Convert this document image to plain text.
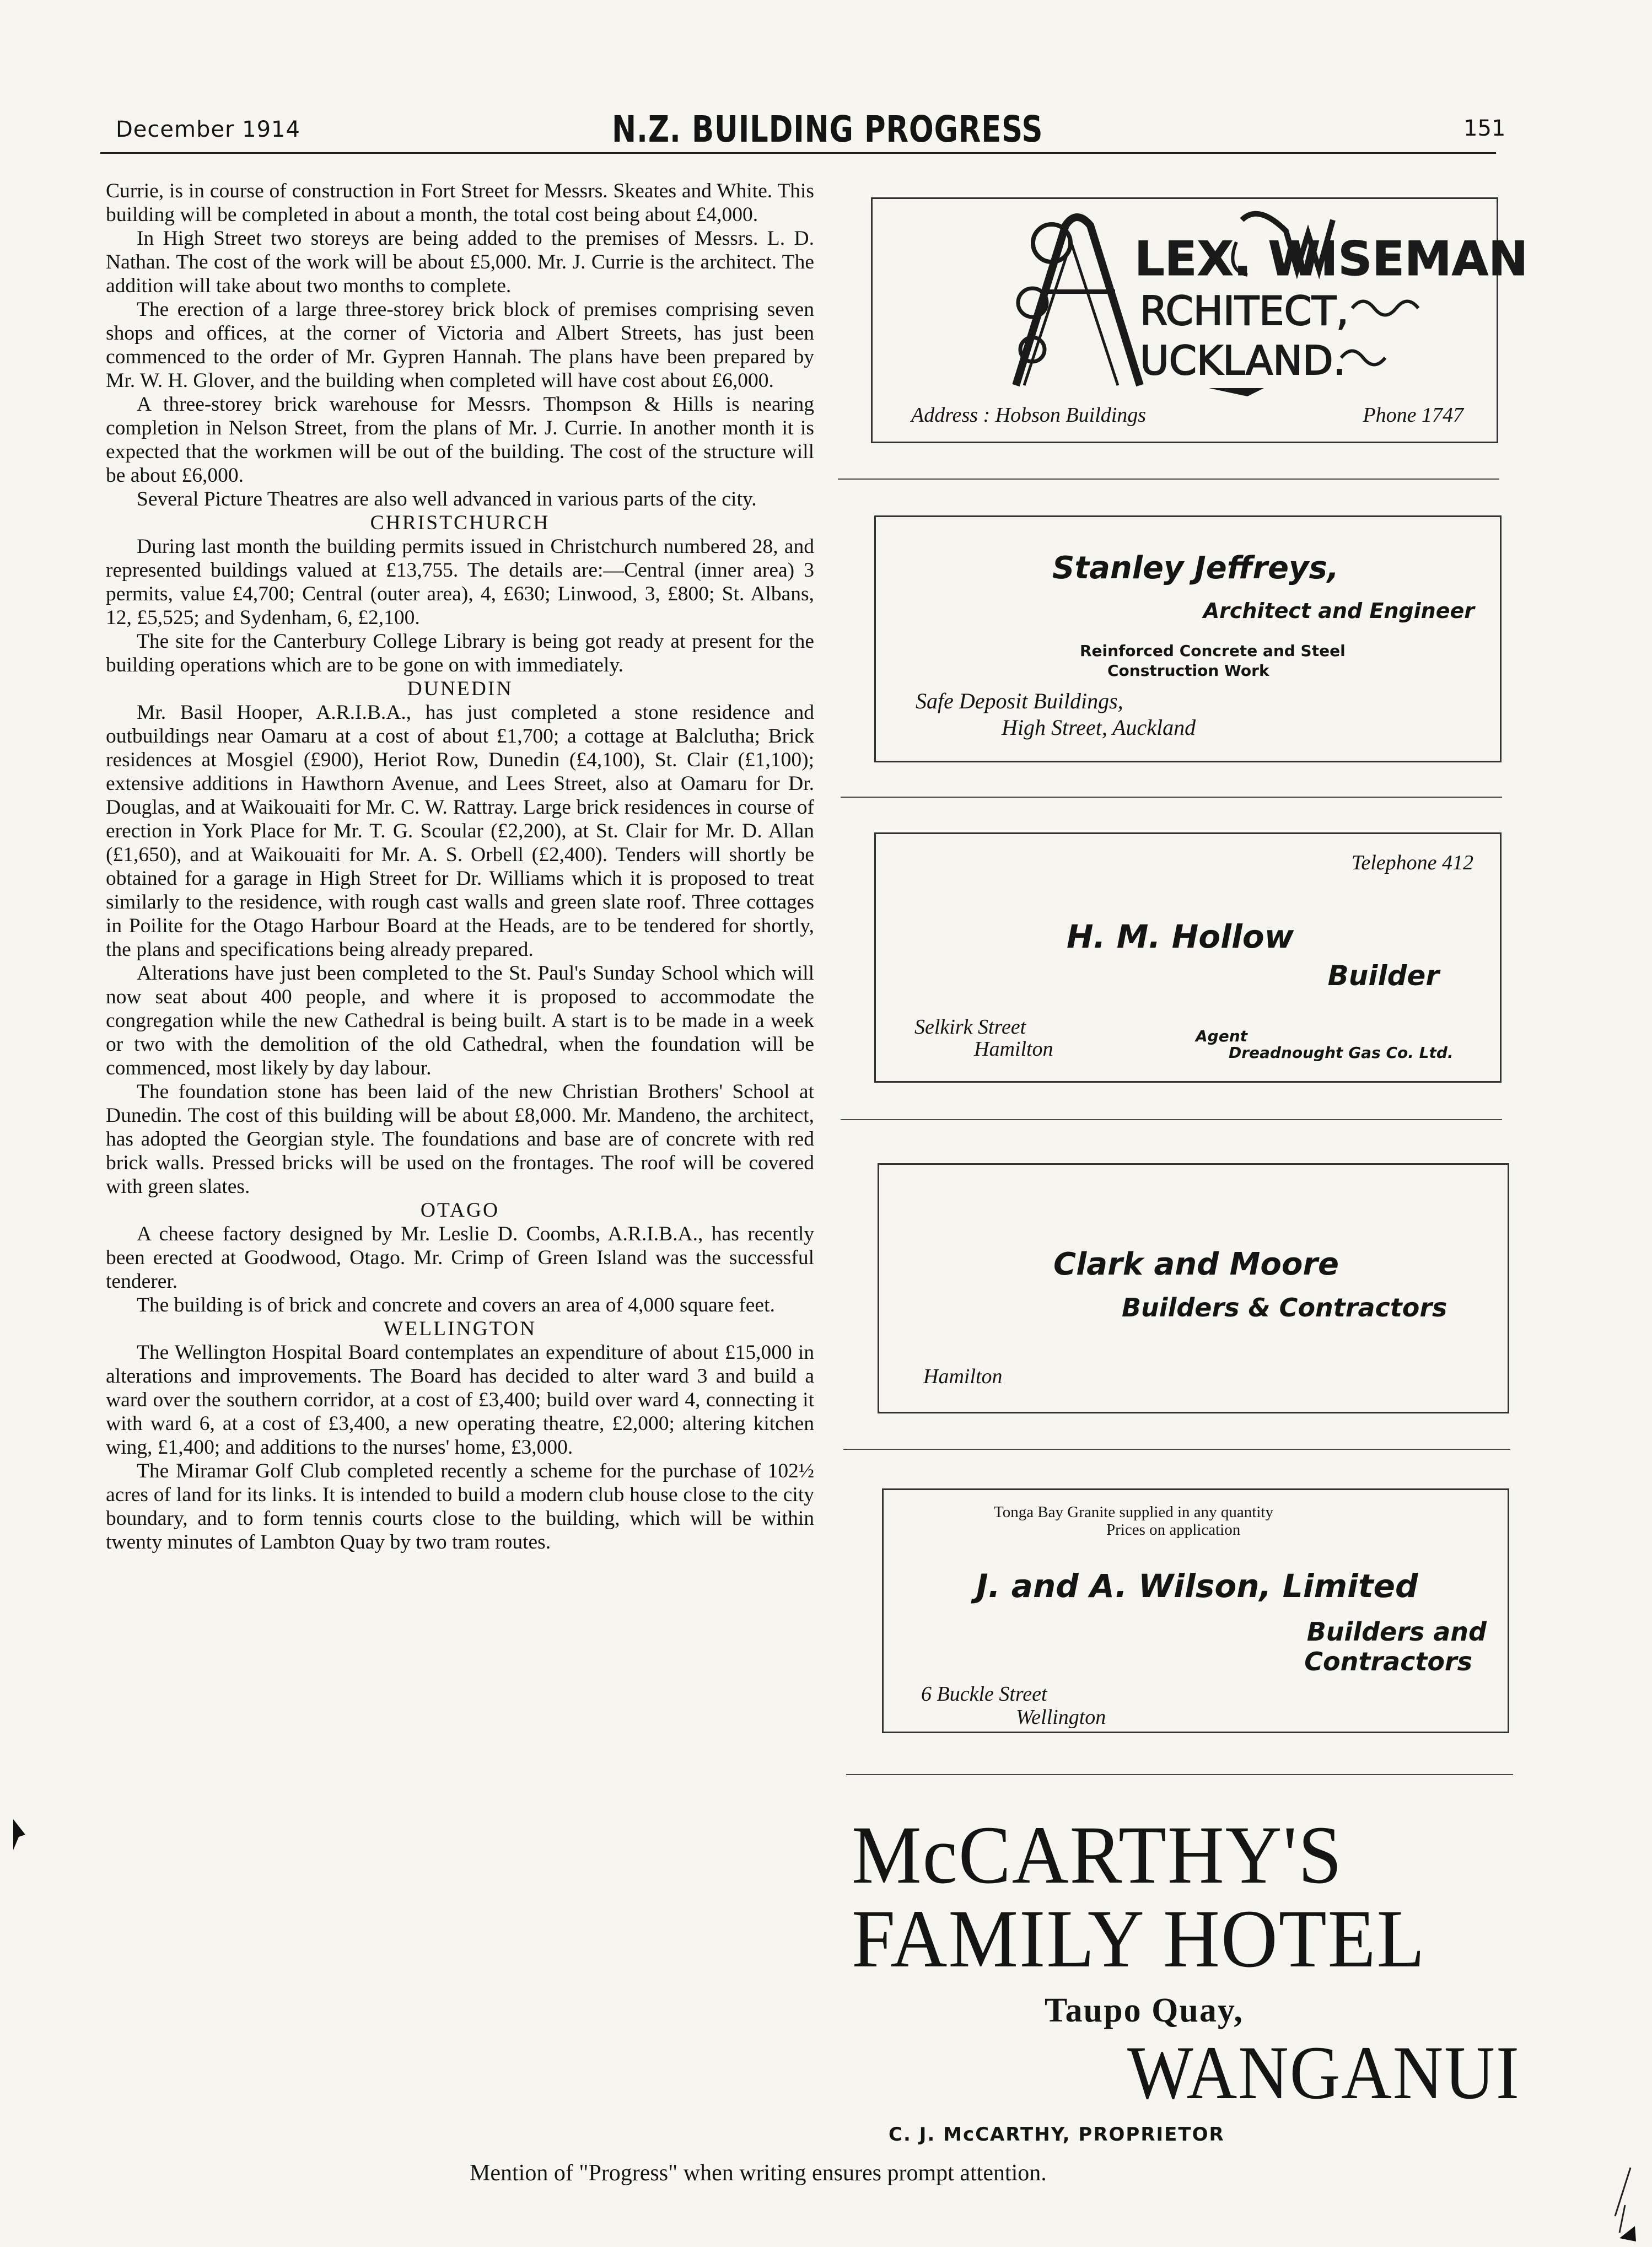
December 1914	N.Z. BUILDING PROGRESS	151

Currie, is in course of construction in Fort Street for Messrs. Skeates and White. This building will be completed in about a month, the total cost being about £4,000.

In High Street two storeys are being added to the premises of Messrs. L. D. Nathan. The cost of the work will be about £5,000. Mr. J. Currie is the architect. The addition will take about two months to complete.

The erection of a large three-storey brick block of premises comprising seven shops and offices, at the corner of Victoria and Albert Streets, has just been commenced to the order of Mr. Gypren Hannah. The plans have been prepared by Mr. W. H. Glover, and the building when completed will have cost about £6,000.

A three-storey brick warehouse for Messrs. Thompson & Hills is nearing completion in Nelson Street, from the plans of Mr. J. Currie. In another month it is expected that the workmen will be out of the building. The cost of the structure will be about £6,000.

Several Picture Theatres are also well advanced in various parts of the city.

CHRISTCHURCH

During last month the building permits issued in Christchurch numbered 28, and represented buildings valued at £13,755. The details are:—Central (inner area) 3 permits, value £4,700; Central (outer area), 4, £630; Linwood, 3, £800; St. Albans, 12, £5,525; and Sydenham, 6, £2,100.

The site for the Canterbury College Library is being got ready at present for the building operations which are to be gone on with immediately.

DUNEDIN

Mr. Basil Hooper, A.R.I.B.A., has just completed a stone residence and outbuildings near Oamaru at a cost of about £1,700; a cottage at Balclutha; Brick residences at Mosgiel (£900), Heriot Row, Dunedin (£4,100), St. Clair (£1,100); extensive additions in Hawthorn Avenue, and Lees Street, also at Oamaru for Dr. Douglas, and at Waikouaiti for Mr. C. W. Rattray. Large brick residences in course of erection in York Place for Mr. T. G. Scoular (£2,200), at St. Clair for Mr. D. Allan (£1,650), and at Waikouaiti for Mr. A. S. Orbell (£2,400). Tenders will shortly be obtained for a garage in High Street for Dr. Williams which it is proposed to treat similarly to the residence, with rough cast walls and green slate roof. Three cottages in Poilite for the Otago Harbour Board at the Heads, are to be tendered for shortly, the plans and specifications being already prepared.

Alterations have just been completed to the St. Paul's Sunday School which will now seat about 400 people, and where it is proposed to accommodate the congregation while the new Cathedral is being built. A start is to be made in a week or two with the demolition of the old Cathedral, when the foundation will be commenced, most likely by day labour.

The foundation stone has been laid of the new Christian Brothers' School at Dunedin. The cost of this building will be about £8,000. Mr. Mandeno, the architect, has adopted the Georgian style. The foundations and base are of concrete with red brick walls. Pressed bricks will be used on the frontages. The roof will be covered with green slates.

OTAGO

A cheese factory designed by Mr. Leslie D. Coombs, A.R.I.B.A., has recently been erected at Goodwood, Otago. Mr. Crimp of Green Island was the successful tenderer.

The building is of brick and concrete and covers an area of 4,000 square feet.

WELLINGTON

The Wellington Hospital Board contemplates an expenditure of about £15,000 in alterations and improvements. The Board has decided to alter ward 3 and build a ward over the southern corridor, at a cost of £3,400; build over ward 4, connecting it with ward 6, at a cost of £3,400, a new operating theatre, £2,000; altering kitchen wing, £1,400; and additions to the nurses' home, £3,000.

The Miramar Golf Club completed recently a scheme for the purchase of 102½ acres of land for its links. It is intended to build a modern club house close to the city boundary, and to form tennis courts close to the building, which will be within twenty minutes of Lambton Quay by two tram routes.

LEX. WISEMAN
RCHITECT,
UCKLAND.
Address : Hobson Buildings	Phone 1747
Stanley Jeffreys,
Architect and Engineer
Reinforced Concrete and Steel
Construction Work
Safe Deposit Buildings,
High Street, Auckland
Telephone 412
H. M. Hollow
Builder
Selkirk Street
Hamilton
Agent
Dreadnought Gas Co. Ltd.
Clark and Moore
Builders & Contractors
Hamilton
Tonga Bay Granite supplied in any quantity
Prices on application
J. and A. Wilson, Limited
Builders and
Contractors
6 Buckle Street
Wellington
McCARTHY'S
FAMILY HOTEL
Taupo Quay,
WANGANUI
C. J. McCARTHY, PROPRIETOR
Mention of "Progress" when writing ensures prompt attention.
